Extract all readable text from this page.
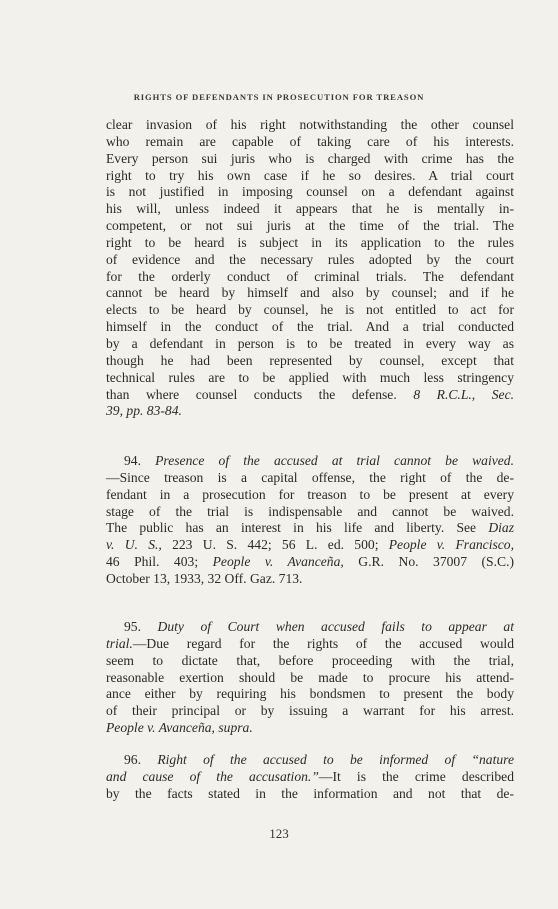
RIGHTS OF DEFENDANTS IN PROSECUTION FOR TREASON
clear invasion of his right notwithstanding the other counsel
who remain are capable of taking care of his interests.
Every person sui juris who is charged with crime has the
right to try his own case if he so desires. A trial court
is not justified in imposing counsel on a defendant against
his will, unless indeed it appears that he is mentally in-
competent, or not sui juris at the time of the trial. The
right to be heard is subject in its application to the rules
of evidence and the necessary rules adopted by the court
for the orderly conduct of criminal trials. The defendant
cannot be heard by himself and also by counsel; and if he
elects to be heard by counsel, he is not entitled to act for
himself in the conduct of the trial. And a trial conducted
by a defendant in person is to be treated in every way as
though he had been represented by counsel, except that
technical rules are to be applied with much less stringency
than where counsel conducts the defense. 8 R.C.L., Sec.
39, pp. 83-84.
94. Presence of the accused at trial cannot be waived.
—Since treason is a capital offense, the right of the de-
fendant in a prosecution for treason to be present at every
stage of the trial is indispensable and cannot be waived.
The public has an interest in his life and liberty. See Diaz
v. U. S., 223 U. S. 442; 56 L. ed. 500; People v. Francisco,
46 Phil. 403; People v. Avanceña, G.R. No. 37007 (S.C.)
October 13, 1933, 32 Off. Gaz. 713.
95. Duty of Court when accused fails to appear at
trial.—Due regard for the rights of the accused would
seem to dictate that, before proceeding with the trial,
reasonable exertion should be made to procure his attend-
ance either by requiring his bondsmen to present the body
of their principal or by issuing a warrant for his arrest.
People v. Avanceña, supra.
96. Right of the accused to be informed of “nature
and cause of the accusation.”—It is the crime described
by the facts stated in the information and not that de-
123
